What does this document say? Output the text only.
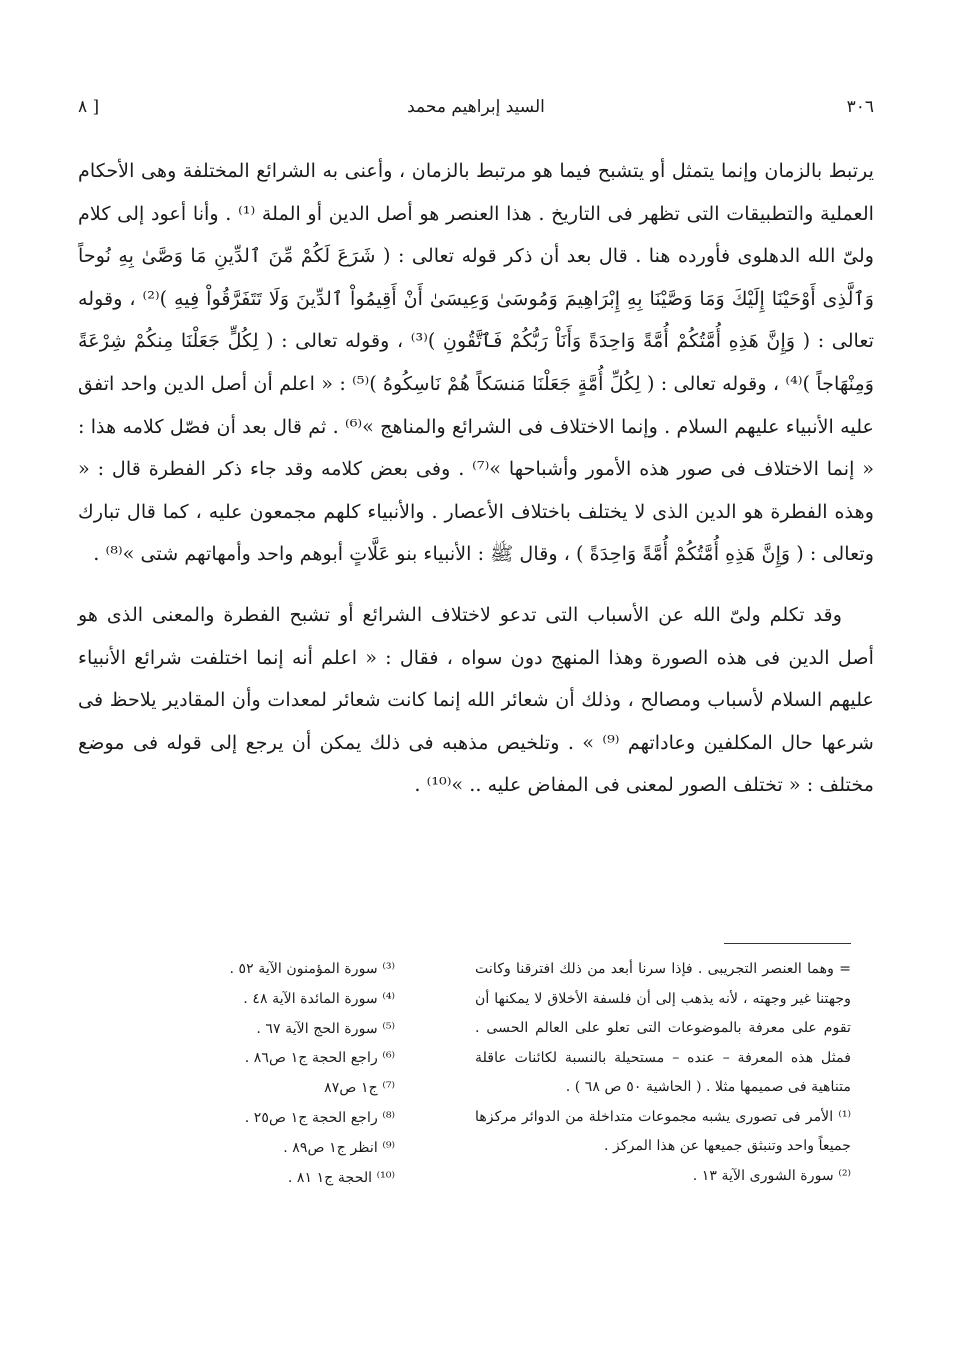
٣٠٦
السيد إبراهيم محمد
[ ٨

يرتبط بالزمان وإنما يتمثل أو يتشبح فيما هو مرتبط بالزمان ، وأعنى به الشرائع المختلفة وهى الأحكام العملية والتطبيقات التى تظهر فى التاريخ . هذا العنصر هو أصل الدين أو الملة ⁽¹⁾ . وأنا أعود إلى كلام ولىّ الله الدهلوى فأورده هنا . قال بعد أن ذكر قوله تعالى : ( شَرَعَ لَكُمْ مِّنَ ٱلدِّينِ مَا وَصَّىٰ بِهِ نُوحاً وَٱلَّذِى أَوْحَيْنَا إِلَيْكَ وَمَا وَصَّيْنَا بِهِ إِبْرَاهِيمَ وَمُوسَىٰ وَعِيسَىٰ أَنْ أَقِيمُواْ ٱلدِّينَ وَلَا تَتَفَرَّقُواْ فِيهِ )⁽²⁾ ، وقوله تعالى : ( وَإِنَّ هَذِهِ أُمَّتُكُمْ أُمَّةً وَاحِدَةً وَأَنَاْ رَبُّكُمْ فَٱتَّقُونِ )⁽³⁾ ، وقوله تعالى : ( لِكُلٍّ جَعَلْنَا مِنكُمْ شِرْعَةً وَمِنْهَاجاً )⁽⁴⁾ ، وقوله تعالى : ( لِكُلِّ أُمَّةٍ جَعَلْنَا مَنسَكاً هُمْ نَاسِكُوهُ )⁽⁵⁾ : « اعلم أن أصل الدين واحد اتفق عليه الأنبياء عليهم السلام . وإنما الاختلاف فى الشرائع والمناهج »⁽⁶⁾ . ثم قال بعد أن فصّل كلامه هذا : « إنما الاختلاف فى صور هذه الأمور وأشباحها »⁽⁷⁾ . وفى بعض كلامه وقد جاء ذكر الفطرة قال : « وهذه الفطرة هو الدين الذى لا يختلف باختلاف الأعصار . والأنبياء كلهم مجمعون عليه ، كما قال تبارك وتعالى : ( وَإِنَّ هَذِهِ أُمَّتُكُمْ أُمَّةً وَاحِدَةً ) ، وقال ﷺ : الأنبياء بنو عَلَّاتٍ أبوهم واحد وأمهاتهم شتى »⁽⁸⁾ .

وقد تكلم ولىّ الله عن الأسباب التى تدعو لاختلاف الشرائع أو تشبح الفطرة والمعنى الذى هو أصل الدين فى هذه الصورة وهذا المنهج دون سواه ، فقال : « اعلم أنه إنما اختلفت شرائع الأنبياء عليهم السلام لأسباب ومصالح ، وذلك أن شعائر الله إنما كانت شعائر لمعدات وأن المقادير يلاحظ فى شرعها حال المكلفين وعاداتهم ⁽⁹⁾ » . وتلخيص مذهبه فى ذلك يمكن أن يرجع إلى قوله فى موضع مختلف : « تختلف الصور لمعنى فى المفاض عليه .. »⁽¹⁰⁾ .

= وهما العنصر التجريبى . فإذا سرنا أبعد من ذلك افترقنا وكانت وجهتنا غير وجهته ، لأنه يذهب إلى أن فلسفة الأخلاق لا يمكنها أن تقوم على معرفة بالموضوعات التى تعلو على العالم الحسى . فمثل هذه المعرفة – عنده – مستحيلة بالنسبة لكائنات عاقلة متناهية فى صميمها مثلا . ( الحاشية ٥٠ ص ٦٨ ) .

⁽¹⁾ الأمر فى تصورى يشبه مجموعات متداخلة من الدوائر مركزها جميعاً واحد وتنبثق جميعها عن هذا المركز .

⁽²⁾ سورة الشورى الآية ١٣ .

⁽³⁾ سورة المؤمنون الآية ٥٢ .
⁽⁴⁾ سورة المائدة الآية ٤٨ .
⁽⁵⁾ سورة الحج الآية ٦٧ .
⁽⁶⁾ راجع الحجة ج١ ص٨٦ .
⁽⁷⁾ ج١ ص٨٧
⁽⁸⁾ راجع الحجة ج١ ص٢٥ .
⁽⁹⁾ انظر ج١ ص٨٩ .
⁽¹⁰⁾ الحجة ج١ ٨١ .
